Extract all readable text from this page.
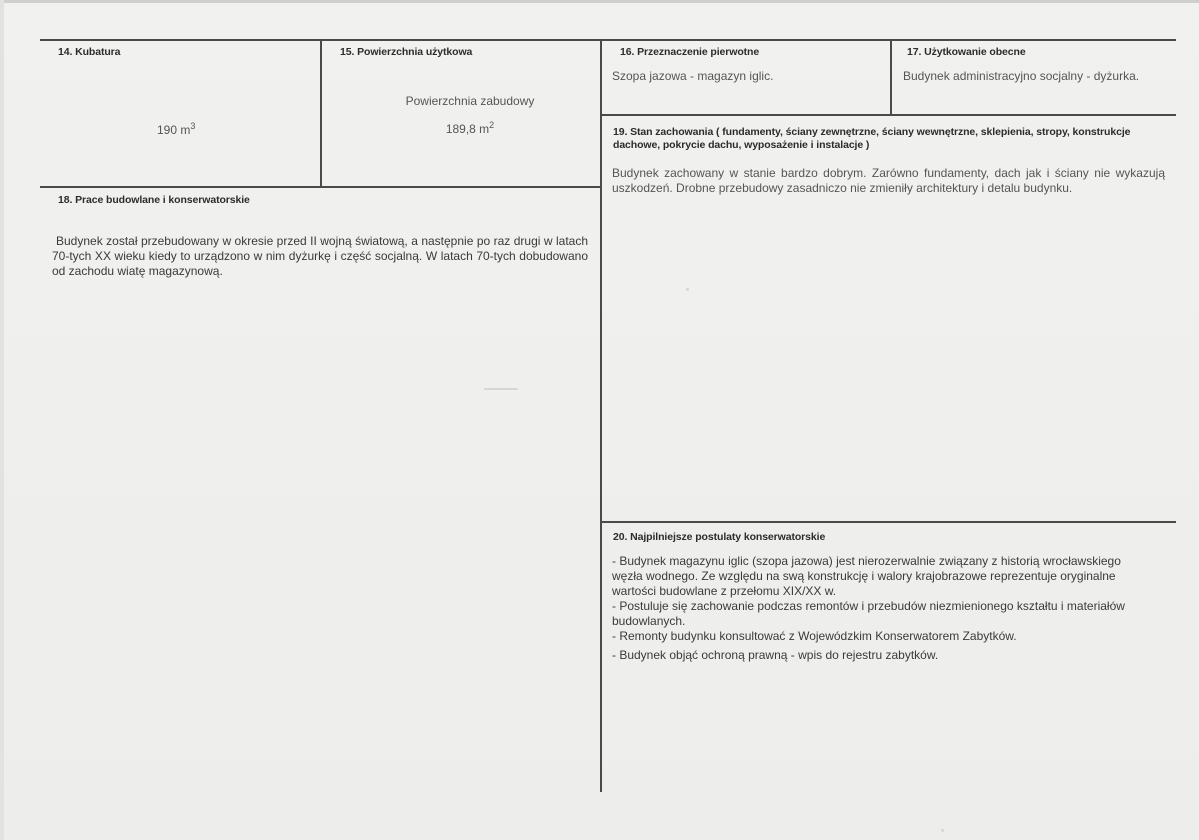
14. Kubatura
190 $m^3$
15. Powierzchnia użytkowa
Powierzchnia zabudowy
189,8 $m^2$
16. Przeznaczenie pierwotne
Szopa jazowa - magazyn iglic.
17. Użytkowanie obecne
Budynek administracyjno socjalny - dyżurka.
18. Prace budowlane i konserwatorskie
Budynek został przebudowany w okresie przed II wojną światową, a następnie po raz drugi w latach 70-tych XX wieku kiedy to urządzono w nim dyżurkę i część socjalną. W latach 70-tych dobudowano od zachodu wiatę magazynową.
19. Stan zachowania ( fundamenty, ściany zewnętrzne, ściany wewnętrzne, sklepienia, stropy, konstrukcje dachowe, pokrycie dachu, wyposażenie i instalacje )
Budynek zachowany w stanie bardzo dobrym. Zarówno fundamenty, dach jak i ściany nie wykazują uszkodzeń. Drobne przebudowy zasadniczo nie zmieniły architektury i detalu budynku.
20. Najpilniejsze postulaty konserwatorskie
- Budynek magazynu iglic (szopa jazowa) jest nierozerwalnie związany z historią wrocławskiego węzła wodnego. Ze względu na swą konstrukcję i walory krajobrazowe reprezentuje oryginalne wartości budowlane z przełomu XIX/XX w.
- Postuluje się zachowanie podczas remontów i przebudów niezmienionego kształtu i materiałów budowlanych.
- Remonty budynku konsultować z Wojewódzkim Konserwatorem Zabytków.
- Budynek objąć ochroną prawną - wpis do rejestru zabytków.
